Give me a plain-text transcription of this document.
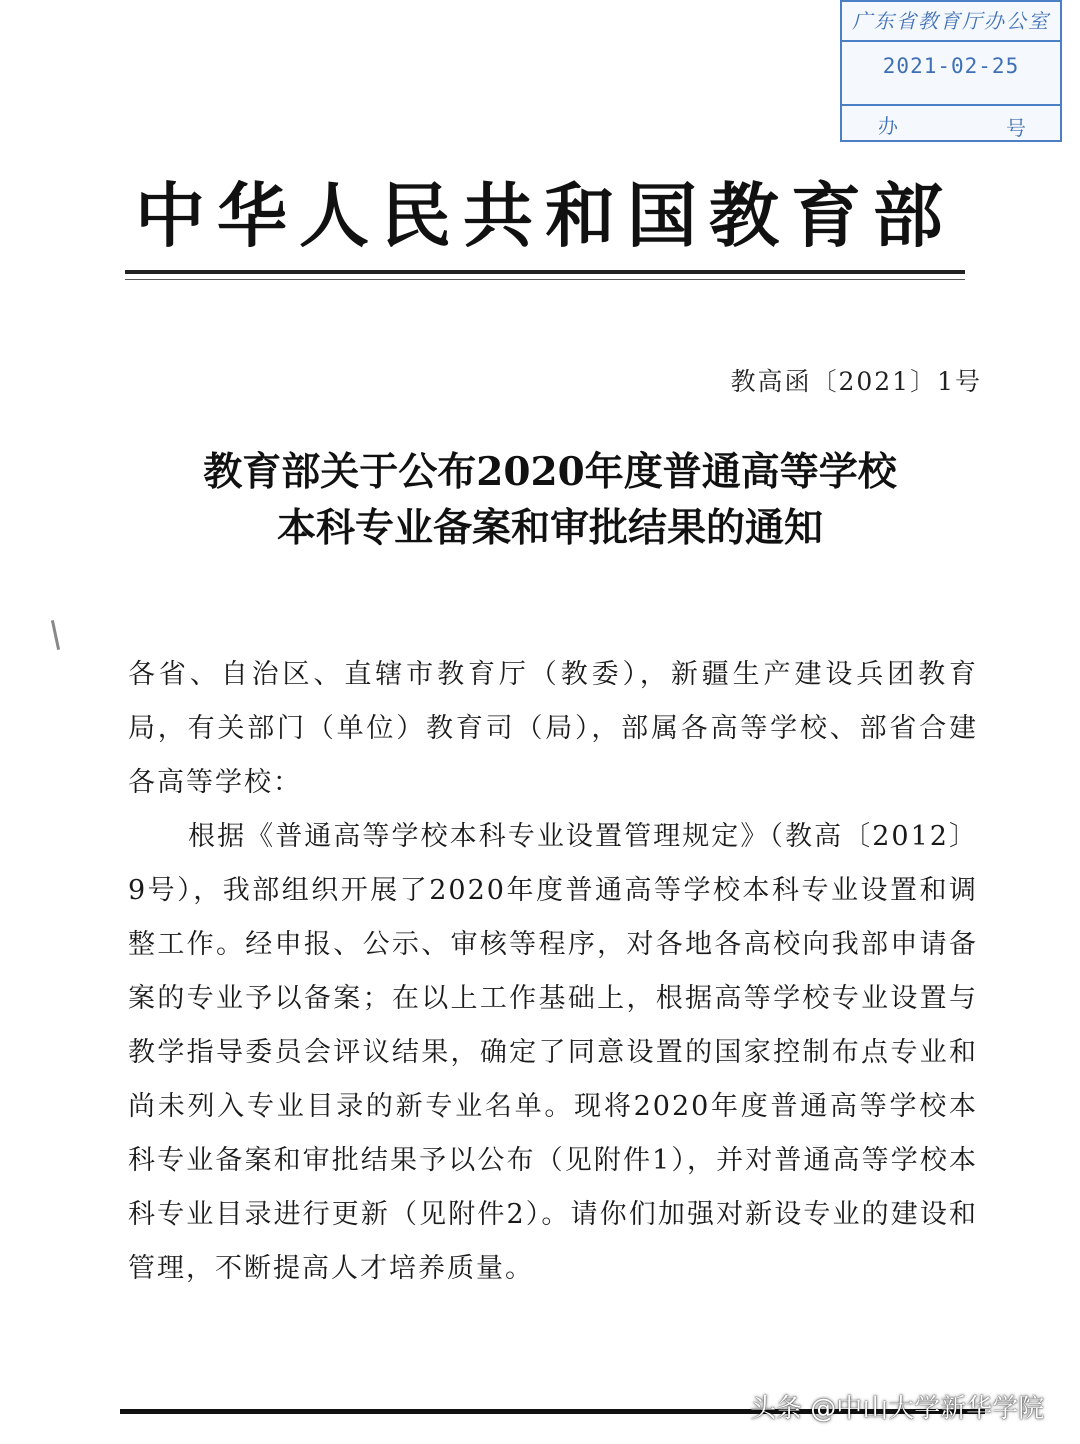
广东省教育厅办公室
2021-02-25
办	号
中华人民共和国教育部
教高函〔2021〕1号
教育部关于公布2020年度普通高等学校
本科专业备案和审批结果的通知

各省、自治区、直辖市教育厅（教委），新疆生产建设兵团教育局，有关部门（单位）教育司（局），部属各高等学校、部省合建各高等学校：

根据《普通高等学校本科专业设置管理规定》（教高〔2012〕9号），我部组织开展了2020年度普通高等学校本科专业设置和调整工作。经申报、公示、审核等程序，对各地各高校向我部申请备案的专业予以备案；在以上工作基础上，根据高等学校专业设置与教学指导委员会评议结果，确定了同意设置的国家控制布点专业和尚未列入专业目录的新专业名单。现将2020年度普通高等学校本科专业备案和审批结果予以公布（见附件1），并对普通高等学校本科专业目录进行更新（见附件2）。请你们加强对新设专业的建设和管理，不断提高人才培养质量。

头条 @中山大学新华学院
